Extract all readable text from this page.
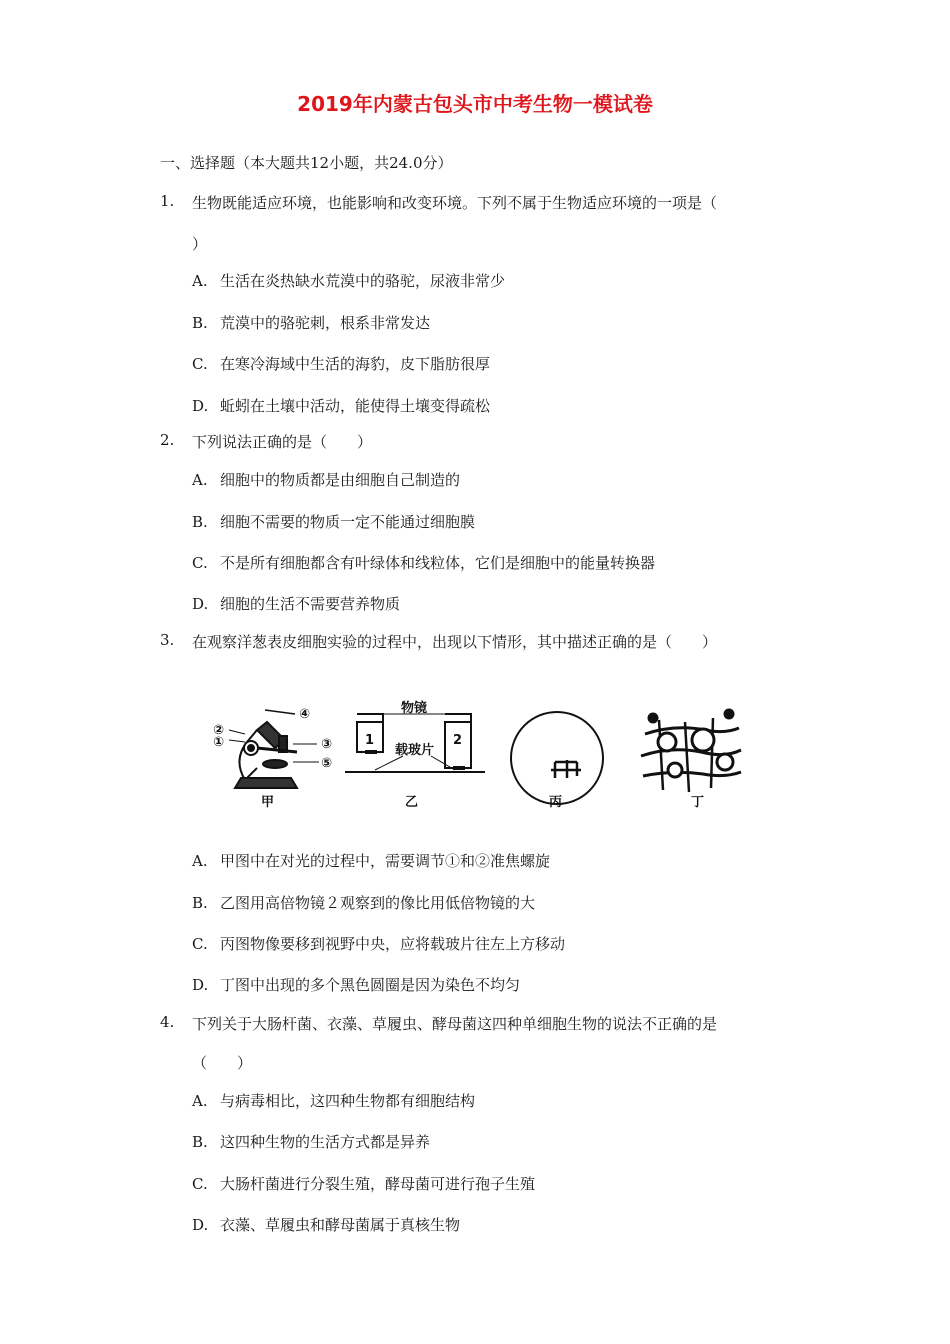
2019年内蒙古包头市中考生物一模试卷
一、选择题（本大题共12小题，共24.0分）
1. 生物既能适应环境，也能影响和改变环境。下列不属于生物适应环境的一项是（
）
A. 生活在炎热缺水荒漠中的骆驼，尿液非常少
B. 荒漠中的骆驼刺，根系非常发达
C. 在寒冷海域中生活的海豹，皮下脂肪很厚
D. 蚯蚓在土壤中活动，能使得土壤变得疏松
2. 下列说法正确的是（　　）
A. 细胞中的物质都是由细胞自己制造的
B. 细胞不需要的物质一定不能通过细胞膜
C. 不是所有细胞都含有叶绿体和线粒体，它们是细胞中的能量转换器
D. 细胞的生活不需要营养物质
3. 在观察洋葱表皮细胞实验的过程中，出现以下情形，其中描述正确的是（　　）
④
②
①	③
⑤
甲
物镜
1	2
载玻片
乙	丙	丁
A. 甲图中在对光的过程中，需要调节①和②准焦螺旋
B. 乙图用高倍物镜２观察到的像比用低倍物镜的大
C. 丙图物像要移到视野中央，应将载玻片往左上方移动
D. 丁图中出现的多个黑色圆圈是因为染色不均匀
4. 下列关于大肠杆菌、衣藻、草履虫、酵母菌这四种单细胞生物的说法不正确的是
（　　）
A. 与病毒相比，这四种生物都有细胞结构
B. 这四种生物的生活方式都是异养
C. 大肠杆菌进行分裂生殖，酵母菌可进行孢子生殖
D. 衣藻、草履虫和酵母菌属于真核生物
